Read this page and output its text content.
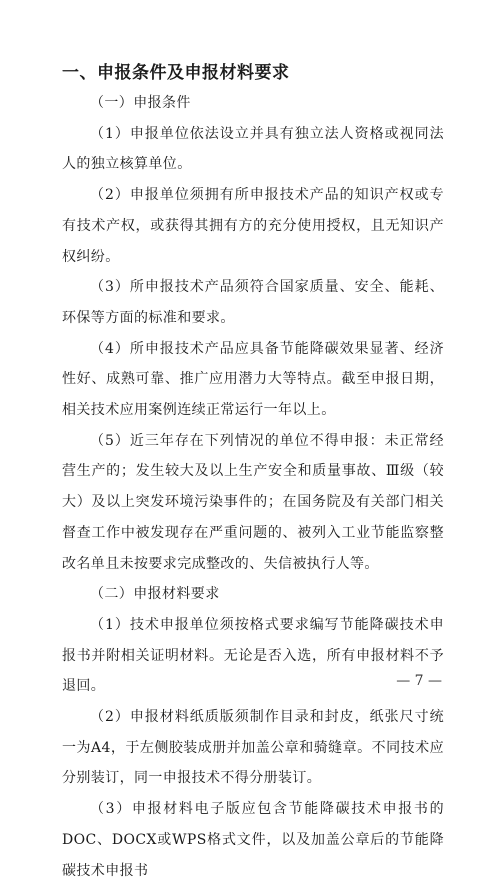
一、申报条件及申报材料要求

（一）申报条件

（1）申报单位依法设立并具有独立法人资格或视同法人的独立核算单位。

（2）申报单位须拥有所申报技术产品的知识产权或专有技术产权，或获得其拥有方的充分使用授权，且无知识产权纠纷。

（3）所申报技术产品须符合国家质量、安全、能耗、环保等方面的标准和要求。

（4）所申报技术产品应具备节能降碳效果显著、经济性好、成熟可靠、推广应用潜力大等特点。截至申报日期，相关技术应用案例连续正常运行一年以上。

（5）近三年存在下列情况的单位不得申报：未正常经营生产的；发生较大及以上生产安全和质量事故、Ⅲ级（较大）及以上突发环境污染事件的；在国务院及有关部门相关督查工作中被发现存在严重问题的、被列入工业节能监察整改名单且未按要求完成整改的、失信被执行人等。

（二）申报材料要求

（1）技术申报单位须按格式要求编写节能降碳技术申报书并附相关证明材料。无论是否入选，所有申报材料不予退回。

（2）申报材料纸质版须制作目录和封皮，纸张尺寸统一为A4，于左侧胶装成册并加盖公章和骑缝章。不同技术应分别装订，同一申报技术不得分册装订。

（3）申报材料电子版应包含节能降碳技术申报书的DOC、DOCX或WPS格式文件，以及加盖公章后的节能降碳技术申报书

— 7 —
